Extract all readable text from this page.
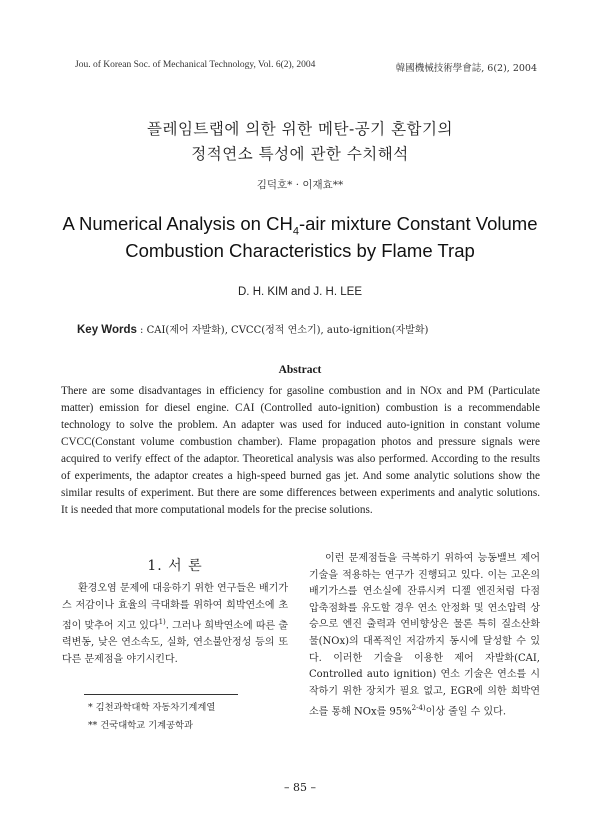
Jou. of Korean Soc. of Mechanical Technology, Vol. 6(2), 2004	韓國機械技術學會誌, 6(2), 2004
플레임트랩에 의한 위한 메탄-공기 혼합기의
정적연소 특성에 관한 수치해석
김덕호* · 이재효**
A Numerical Analysis on $CH_4$-air mixture Constant Volume
Combustion Characteristics by Flame Trap
D. H. KIM and J. H. LEE
Key Words : CAI(제어 자발화), CVCC(정적 연소기), auto-ignition(자발화)
Abstract

There are some disadvantages in efficiency for gasoline combustion and in NOx and PM (Particulate matter) emission for diesel engine. CAI (Controlled auto-ignition) combustion is a recommendable technology to solve the problem. An adapter was used for induced auto-ignition in constant volume CVCC(Constant volume combustion chamber). Flame propagation photos and pressure signals were acquired to verify effect of the adaptor. Theoretical analysis was also performed. According to the results of experiments, the adaptor creates a high-speed burned gas jet. And some analytic solutions show the similar results of experiment. But there are some differences between experiments and analytic solutions. It is needed that more computational models for the precise solutions.

1. 서 론

환경오염 문제에 대응하기 위한 연구들은 배기가스 저감이나 효율의 극대화를 위하여 희박연소에 초점이 맞추어 지고 있다$^{1)}$. 그러나 희박연소에 따른 출력변동, 낮은 연소속도, 실화, 연소불안정성 등의 또 다른 문제점을 야기시킨다.

이런 문제점들을 극복하기 위하여 능동밸브 제어기술을 적용하는 연구가 진행되고 있다. 이는 고온의 배기가스를 연소실에 잔류시켜 디젤 엔진처럼 다점 압축점화를 유도할 경우 연소 안정화 및 연소압력 상승으로 엔진 출력과 연비향상은 물론 특히 질소산화물(NOx)의 대폭적인 저감까지 동시에 달성할 수 있다. 이러한 기술을 이용한 제어 자발화(CAI, Controlled auto ignition) 연소 기술은 연소를 시작하기 위한 장치가 필요 없고, EGR에 의한 희박연소를 통해 NOx를 95%$^{2-4)}$이상 줄일 수 있다.

* 김천과학대학 자동차기계계열
** 건국대학교 기계공학과
– 85 –
